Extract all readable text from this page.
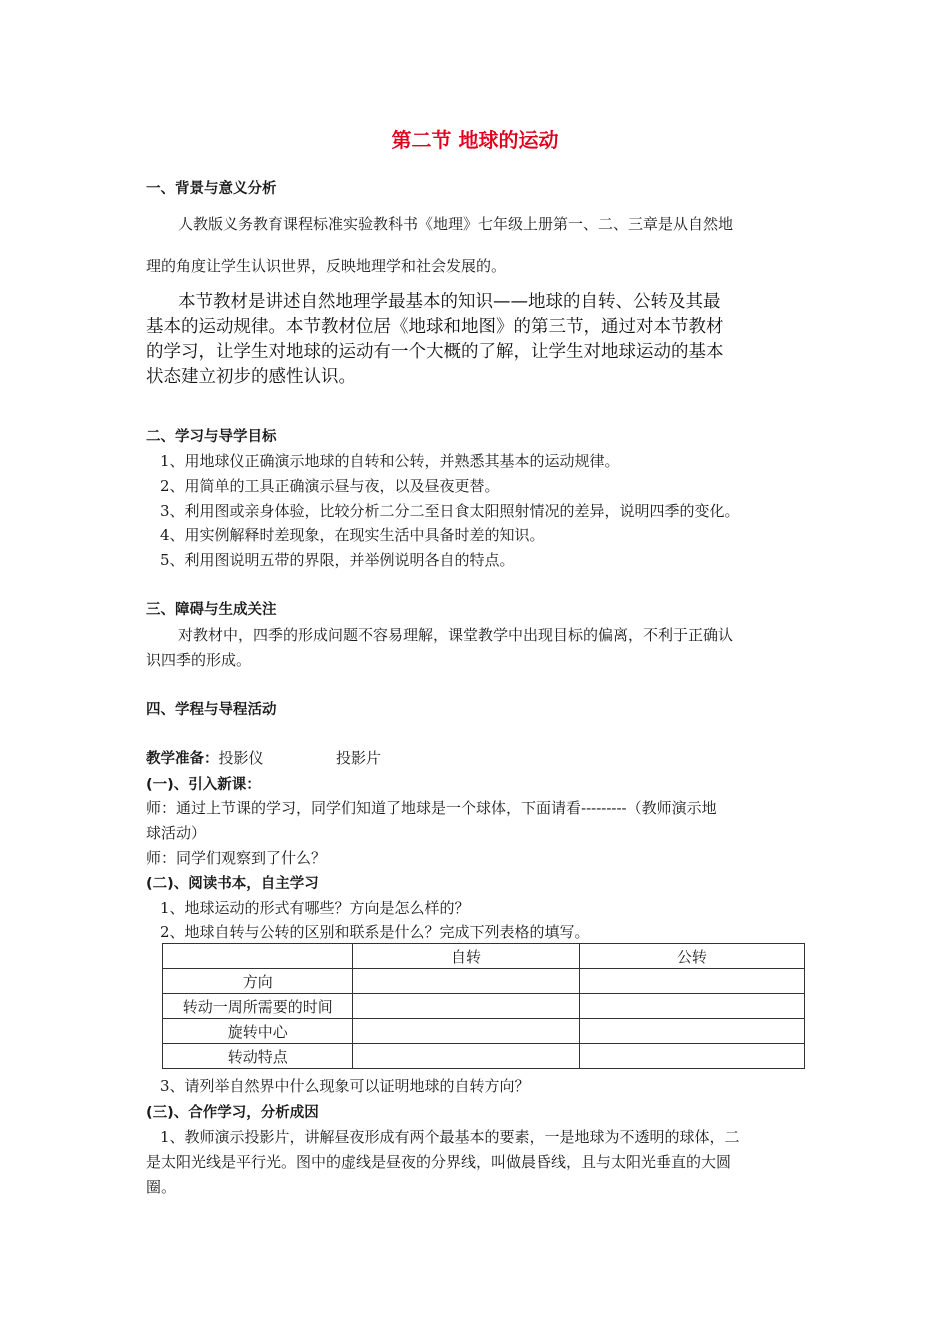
第二节 地球的运动
一、背景与意义分析
人教版义务教育课程标准实验教科书《地理》七年级上册第一、二、三章是从自然地
理的角度让学生认识世界，反映地理学和社会发展的。
本节教材是讲述自然地理学最基本的知识——地球的自转、公转及其最
基本的运动规律。本节教材位居《地球和地图》的第三节，通过对本节教材
的学习，让学生对地球的运动有一个大概的了解，让学生对地球运动的基本
状态建立初步的感性认识。
二、学习与导学目标
1、用地球仪正确演示地球的自转和公转，并熟悉其基本的运动规律。
2、用简单的工具正确演示昼与夜，以及昼夜更替。
3、利用图或亲身体验，比较分析二分二至日食太阳照射情况的差异，说明四季的变化。
4、用实例解释时差现象，在现实生活中具备时差的知识。
5、利用图说明五带的界限，并举例说明各自的特点。
三、障碍与生成关注
对教材中，四季的形成问题不容易理解，课堂教学中出现目标的偏离，不利于正确认
识四季的形成。
四、学程与导程活动
教学准备：投影仪	投影片
(一)、引入新课：
师：通过上节课的学习，同学们知道了地球是一个球体，下面请看---------（教师演示地
球活动）
师：同学们观察到了什么？
(二)、阅读书本，自主学习
1、地球运动的形式有哪些？方向是怎么样的？
2、地球自转与公转的区别和联系是什么？完成下列表格的填写。
	自转	公转
方向		
转动一周所需要的时间		
旋转中心		
转动特点		
3、请列举自然界中什么现象可以证明地球的自转方向？
(三)、合作学习，分析成因
1、教师演示投影片，讲解昼夜形成有两个最基本的要素，一是地球为不透明的球体，二
是太阳光线是平行光。图中的虚线是昼夜的分界线，叫做晨昏线，且与太阳光垂直的大圆
圈。
